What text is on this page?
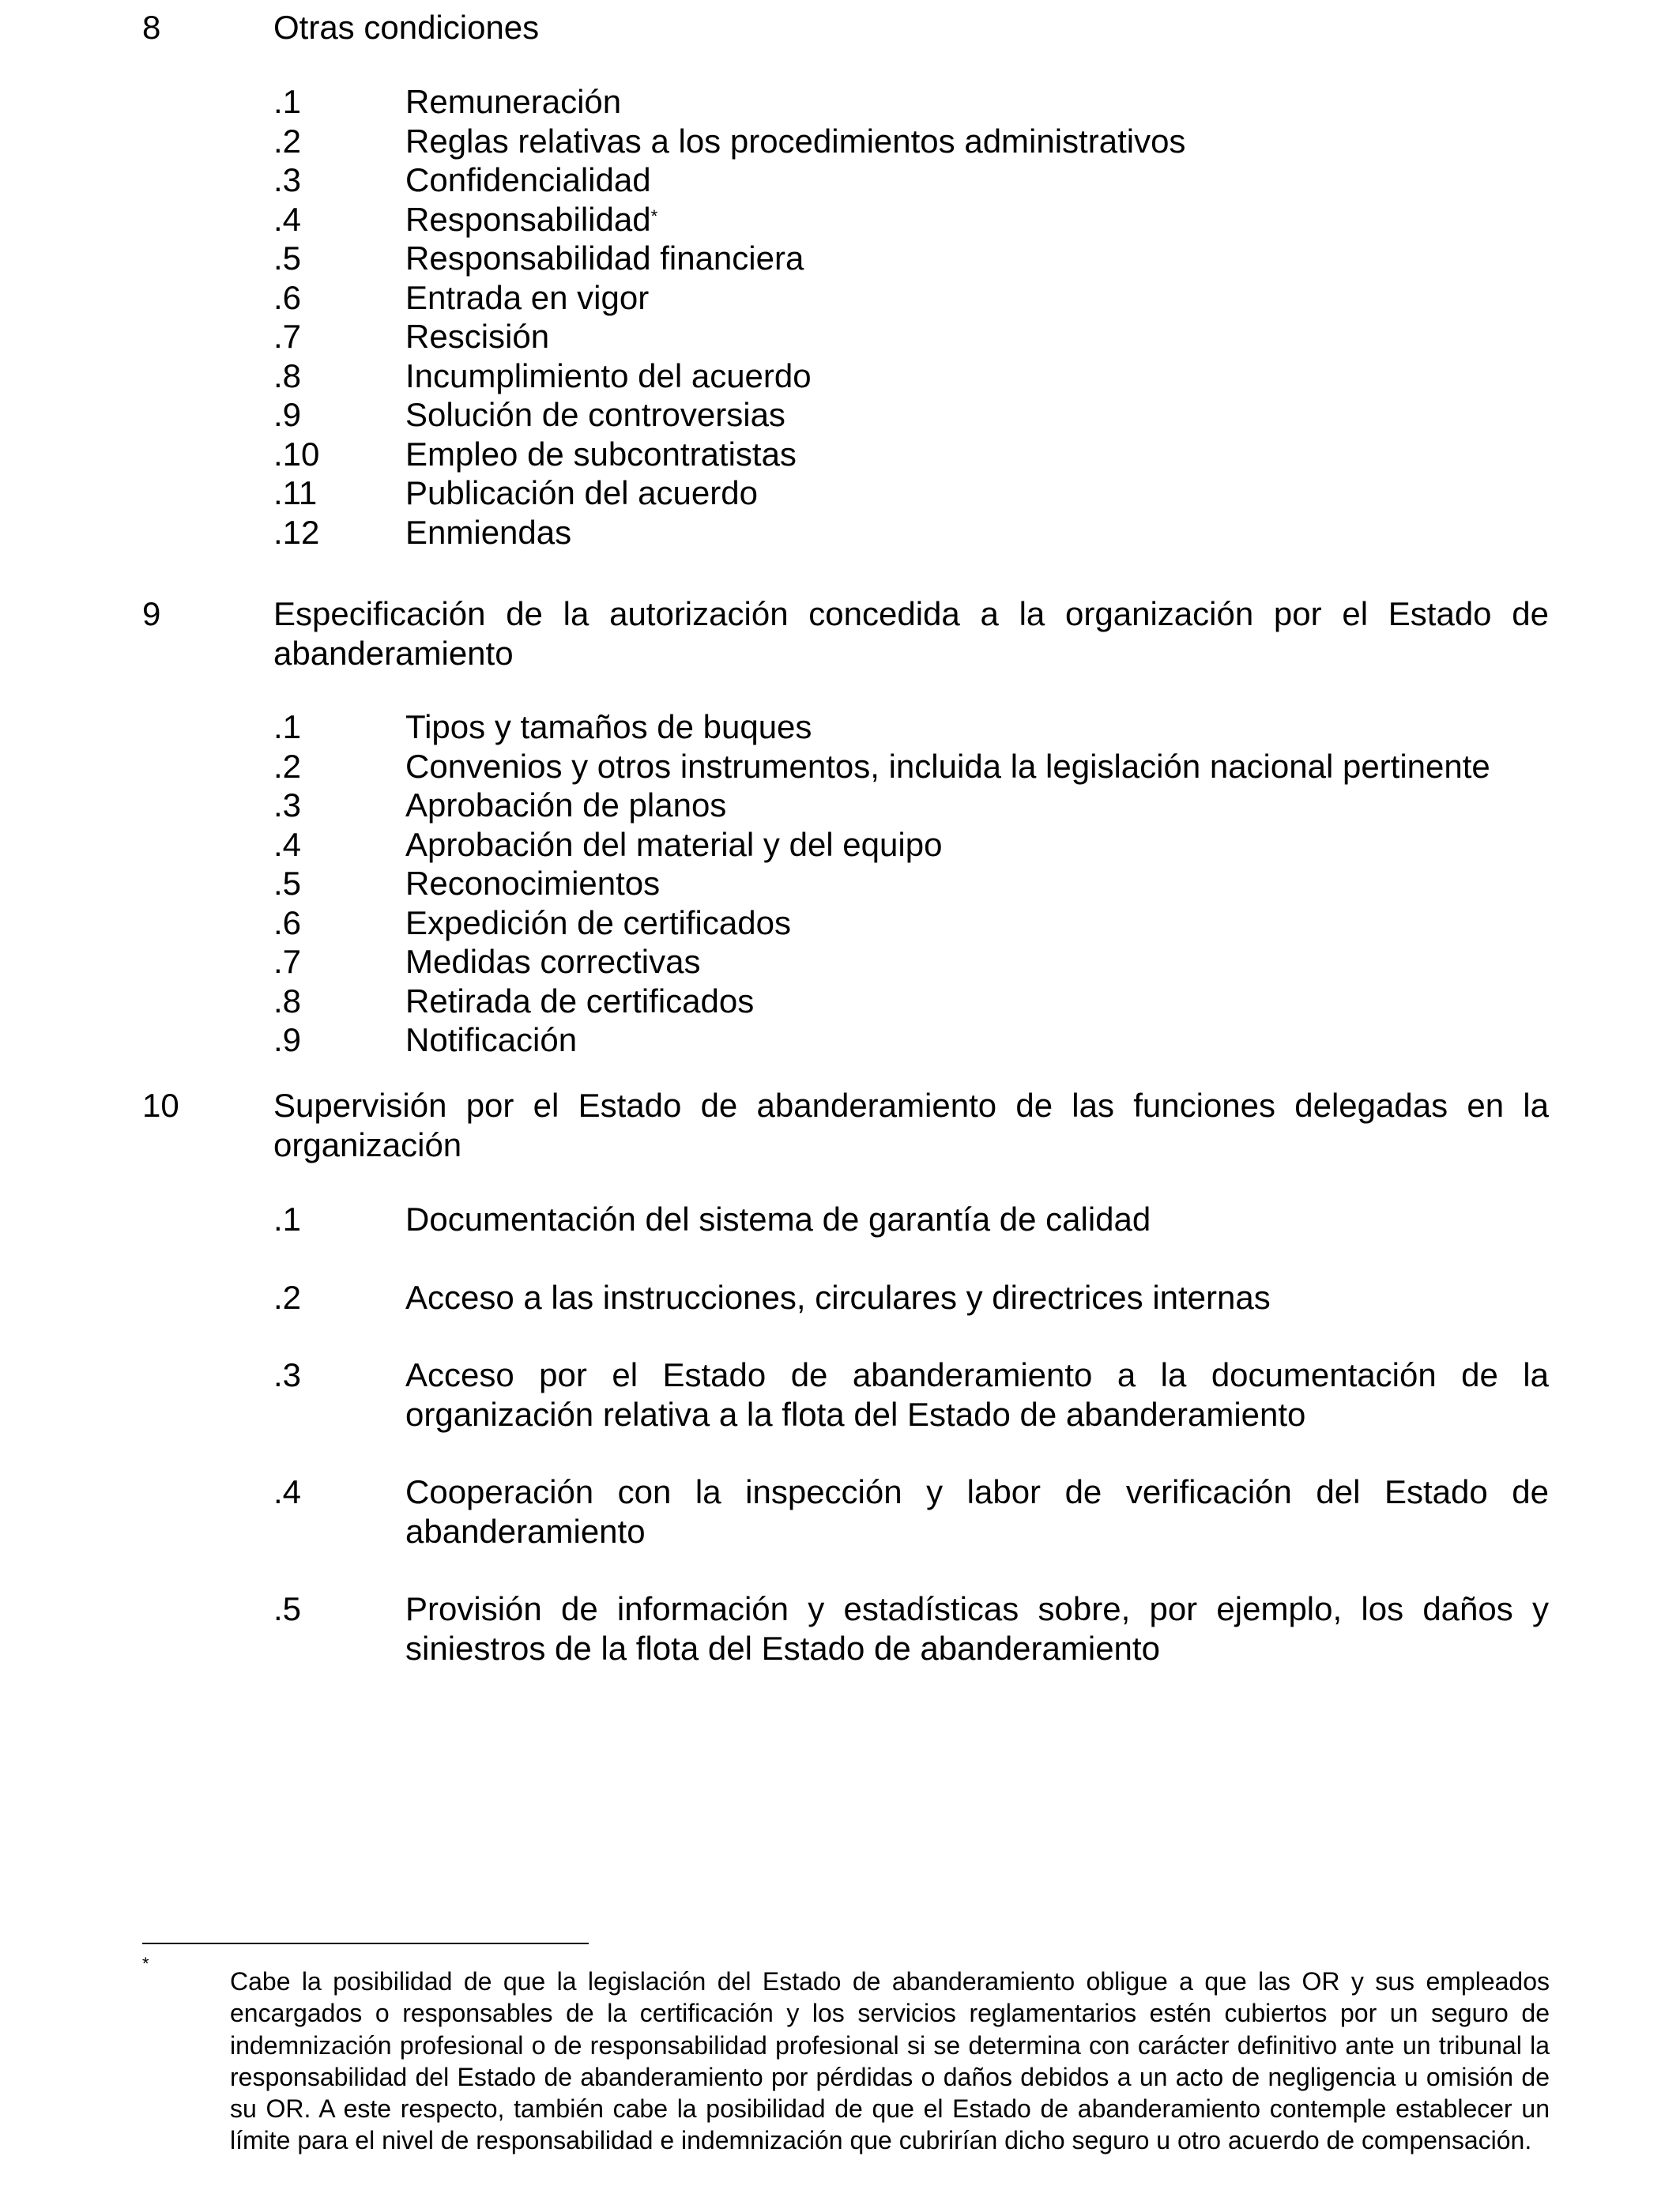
8	Otras condiciones
.1	Remuneración
.2	Reglas relativas a los procedimientos administrativos
.3	Confidencialidad
.4	Responsabilidad*
.5	Responsabilidad financiera
.6	Entrada en vigor
.7	Rescisión
.8	Incumplimiento del acuerdo
.9	Solución de controversias
.10	Empleo de subcontratistas
.11	Publicación del acuerdo
.12	Enmiendas
9	Especificación de la autorización concedida a la organización por el Estado de abanderamiento
.1	Tipos y tamaños de buques
.2	Convenios y otros instrumentos, incluida la legislación nacional pertinente
.3	Aprobación de planos
.4	Aprobación del material y del equipo
.5	Reconocimientos
.6	Expedición de certificados
.7	Medidas correctivas
.8	Retirada de certificados
.9	Notificación
10	Supervisión por el Estado de abanderamiento de las funciones delegadas en la organización
.1	Documentación del sistema de garantía de calidad
.2	Acceso a las instrucciones, circulares y directrices internas
.3	Acceso por el Estado de abanderamiento a la documentación de la organización relativa a la flota del Estado de abanderamiento
.4	Cooperación con la inspección y labor de verificación del Estado de abanderamiento
.5	Provisión de información y estadísticas sobre, por ejemplo, los daños y siniestros de la flota del Estado de abanderamiento
*
Cabe la posibilidad de que la legislación del Estado de abanderamiento obligue a que las OR y sus empleados encargados o responsables de la certificación y los servicios reglamentarios estén cubiertos por un seguro de indemnización profesional o de responsabilidad profesional si se determina con carácter definitivo ante un tribunal la responsabilidad del Estado de abanderamiento por pérdidas o daños debidos a un acto de negligencia u omisión de su OR. A este respecto, también cabe la posibilidad de que el Estado de abanderamiento contemple establecer un límite para el nivel de responsabilidad e indemnización que cubrirían dicho seguro u otro acuerdo de compensación.
